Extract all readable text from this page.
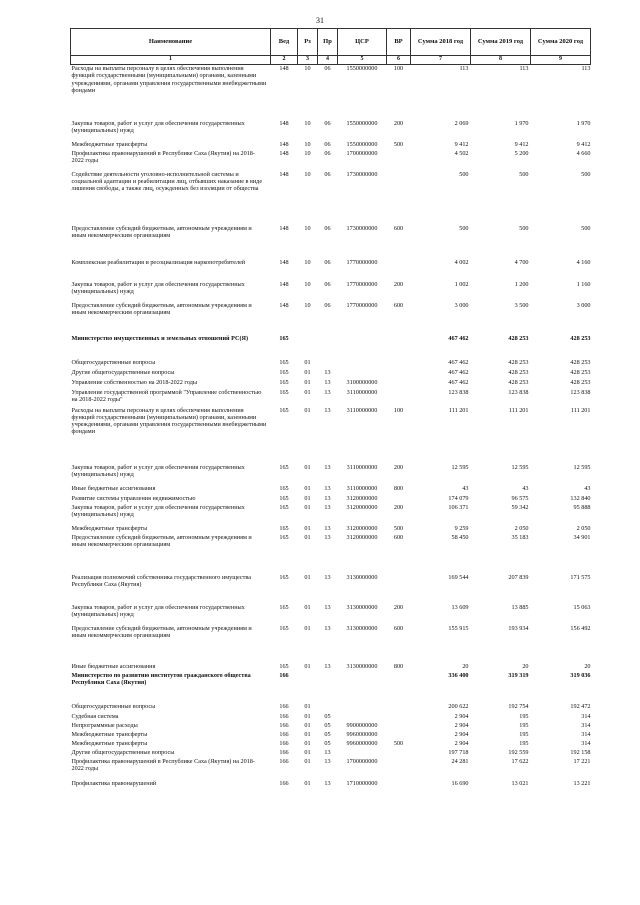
31
Наименование	Вед	Рз	Пр	ЦСР	ВР	Сумма 2018 год	Сумма 2019 год	Сумма 2020 год
1	2	3	4	5	6	7	8	9
Расходы на выплаты персоналу в целях обеспечения выполнения функций государственными (муниципальными) органами, казенными учреждениями, органами управления государственными внебюджетными фондами	148	10	06	1550000000	100	113	113	113
Закупка товаров, работ и услуг для обеспечения государственных (муниципальных) нужд	148	10	06	1550000000	200	2 069	1 970	1 970
Межбюджетные трансферты	148	10	06	1550000000	500	9 412	9 412	9 412
Профилактика правонарушений в Республике Саха (Якутия) на 2018-2022 годы	148	10	06	1700000000		4 502	5 200	4 660
Содействие деятельности уголовно-исполнительной системы и социальной адаптации и реабилитации лиц, отбывших наказание в виде лишения свободы, а также лиц, осужденных без изоляции от общества	148	10	06	1730000000		500	500	500
Предоставление субсидий бюджетным, автономным учреждениям и иным некоммерческим организациям	148	10	06	1730000000	600	500	500	500
Комплексная реабилитация и ресоциализация наркопотребителей	148	10	06	1770000000		4 002	4 700	4 160
Закупка товаров, работ и услуг для обеспечения государственных (муниципальных) нужд	148	10	06	1770000000	200	1 002	1 200	1 160
Предоставление субсидий бюджетным, автономным учреждениям и иным некоммерческим организациям	148	10	06	1770000000	600	3 000	3 500	3 000
Министерство имущественных и земельных отношений РС(Я)	165					467 462	428 253	428 253
Общегосударственные вопросы	165	01				467 462	428 253	428 253
Другие общегосударственные вопросы	165	01	13			467 462	428 253	428 253
Управление собственностью на 2018-2022 годы	165	01	13	3100000000		467 462	428 253	428 253
Управление государственной программой "Управление собственностью на 2018-2022 годы"	165	01	13	3110000000		123 838	123 838	123 838
Расходы на выплаты персоналу в целях обеспечения выполнения функций государственными (муниципальными) органами, казенными учреждениями, органами управления государственными внебюджетными фондами	165	01	13	3110000000	100	111 201	111 201	111 201
Закупка товаров, работ и услуг для обеспечения государственных (муниципальных) нужд	165	01	13	3110000000	200	12 595	12 595	12 595
Иные бюджетные ассигнования	165	01	13	3110000000	800	43	43	43
Развитие системы управления недвижимостью	165	01	13	3120000000		174 079	96 575	132 840
Закупка товаров, работ и услуг для обеспечения государственных (муниципальных) нужд	165	01	13	3120000000	200	106 371	59 342	95 888
Межбюджетные трансферты	165	01	13	3120000000	500	9 259	2 050	2 050
Предоставление субсидий бюджетным, автономным учреждениям и иным некоммерческим организациям	165	01	13	3120000000	600	58 450	35 183	34 901
Реализация полномочий собственника государственного имущества Республики Саха (Якутия)	165	01	13	3130000000		169 544	207 839	171 575
Закупка товаров, работ и услуг для обеспечения государственных (муниципальных) нужд	165	01	13	3130000000	200	13 609	13 885	15 063
Предоставление субсидий бюджетным, автономным учреждениям и иным некоммерческим организациям	165	01	13	3130000000	600	155 915	193 934	156 492
Иные бюджетные ассигнования	165	01	13	3130000000	800	20	20	20
Министерство по развитию институтов гражданского общества Республики Саха (Якутия)	166					336 400	319 319	319 036
Общегосударственные вопросы	166	01				200 622	192 754	192 472
Судебная система	166	01	05			2 904	195	314
Непрограммные расходы	166	01	05	9900000000		2 904	195	314
Межбюджетные трансферты	166	01	05	9960000000		2 904	195	314
Межбюджетные трансферты	166	01	05	9960000000	500	2 904	195	314
Другие общегосударственные вопросы	166	01	13			197 718	192 559	192 158
Профилактика правонарушений в Республике Саха (Якутия) на 2018-2022 годы	166	01	13	1700000000		24 281	17 622	17 221
Профилактика правонарушений	166	01	13	1710000000		16 690	13 021	13 221
